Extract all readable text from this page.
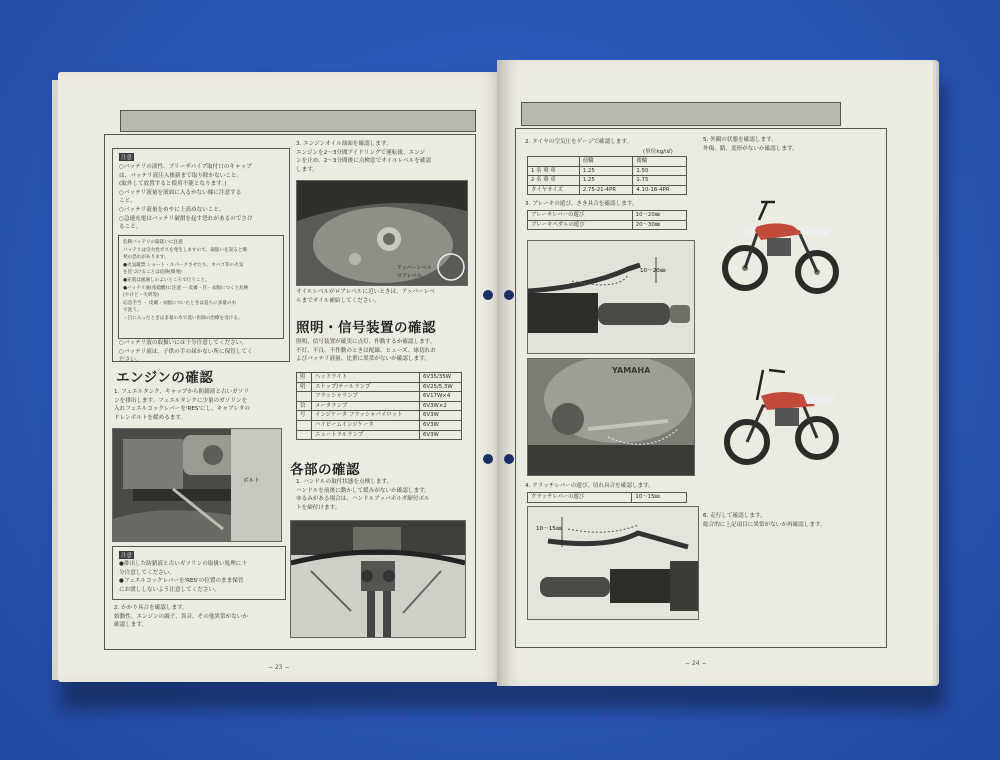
注意
○バッテリの液性、ブリーザパイプ取付口のキャップ
は、バッテリ液注入後新まで取り除かないこと。
(取外して放置すると使用不能となります。)
○バッテリ液量を液面に入るかない様に注意する
こと。
○バッテリ液量をめやに上高めないこと。
○急速充電はバッテリ破損を起す恐れがあるのでさけ
ること。
危険バッテリの取扱いに注意
バッテリは引火性ガスを発生しますので、取扱いを誤ると爆
発の恐れがあります。
●火気厳禁 ショート・スパークさせたり、タバコ等の火気
を近づけることは危険(爆発)
●充電は風通しのよいところで行うこと。
●バッテリ液(希硫酸)に注意 ー 皮膚・目・衣服につくと危険
(やけど・失明等)
応急手当 ・ 皮膚・衣服についたときは直ちに多量の水
で洗う。
・目に入ったときは多量の水で洗い医師の治療を受ける。
○バッテリ液の取扱いには十分注意してください。
○バッテリ液は、子供の手の届かない所に保管してく
ださい。
エンジンの確認
1. フェエルタンク、キャップから防錆液と古いガソリ
ンを排出します。フェエルタンクに少量のガソリンを
入れフェエルコックレバーを'RES'にし、キャブレタの
ドレンボルトを緩めるます。
ボルト
注意
●排出した防錆液と古いガソリンの取扱い処理に十
分注意してください。
●フュエルコックレバーを'RES'の位置のまま保管
にお渡ししないよう注意してください。
2. かかり具合を確認します。
始動性、エンジンの調子、異音、その他異常がないか
確認します。
3. エンジンオイル油面を確認します。
エンジンを2〜3分間アイドリングで運転後、エンジ
ンを止め、2〜3分間後に点検窓でオイルレベルを確認
します。
アッパーレベル
ロアレベル
オイルレベルがロアレベルに近いときは、アッパーレベ
ルまでオイル補給してください。
照明・信号装置の確認
照明、信号装置が確実に点灯、作動するか確認します。
不灯、不良、不作動のときは配線、ヒューズ、球切れお
よびバッテリ液量、比重に異常がないか確認します。
照	ヘッドライト	6V35/35W
明	ストップ/テールランプ	6V25/5.3W
	フラッシャランプ	6V17W×4
信	メータランプ	6V3W×2
号	インジケータ フラッシャパイロット	6V3W
	ハイビームインジケータ	6V3W
	ニュートラルランプ	6V3W
各部の確認
1. ハンドルの取付状態を点検します。
ハンドルを前後に動かして緩みがないか確認します。
ゆるみがある場合は、ハンドルアッパホルダ締付ボル
トを締付けます。
− 23 −
2. タイヤの空気圧をゲージで確認します。
(単位kg/㎠)
	前輪	後輪
1 名 乗 車	1.25	1.50
2 名 乗 車	1.25	1.75
タイヤサイズ	2.75-21-4PR	4.10-18-4PR
3. ブレーキの遊び、きき具合を確認します。
ブレーキレバーの遊び	10〜20㎜
ブレーキペダルの遊び	20〜30㎜
10〜20㎜
YAMAHA
4. クラッチレバーの遊び、切れ具合を確認します。
クラッチレバーの遊び	10〜15㎜
10〜15㎜
5. 外観の状態を確認します。
外傷、錆、変形がないか確認します。
6. 走行して確認します。
総合的に上記項目に異常がないか再確認します。
− 24 −
